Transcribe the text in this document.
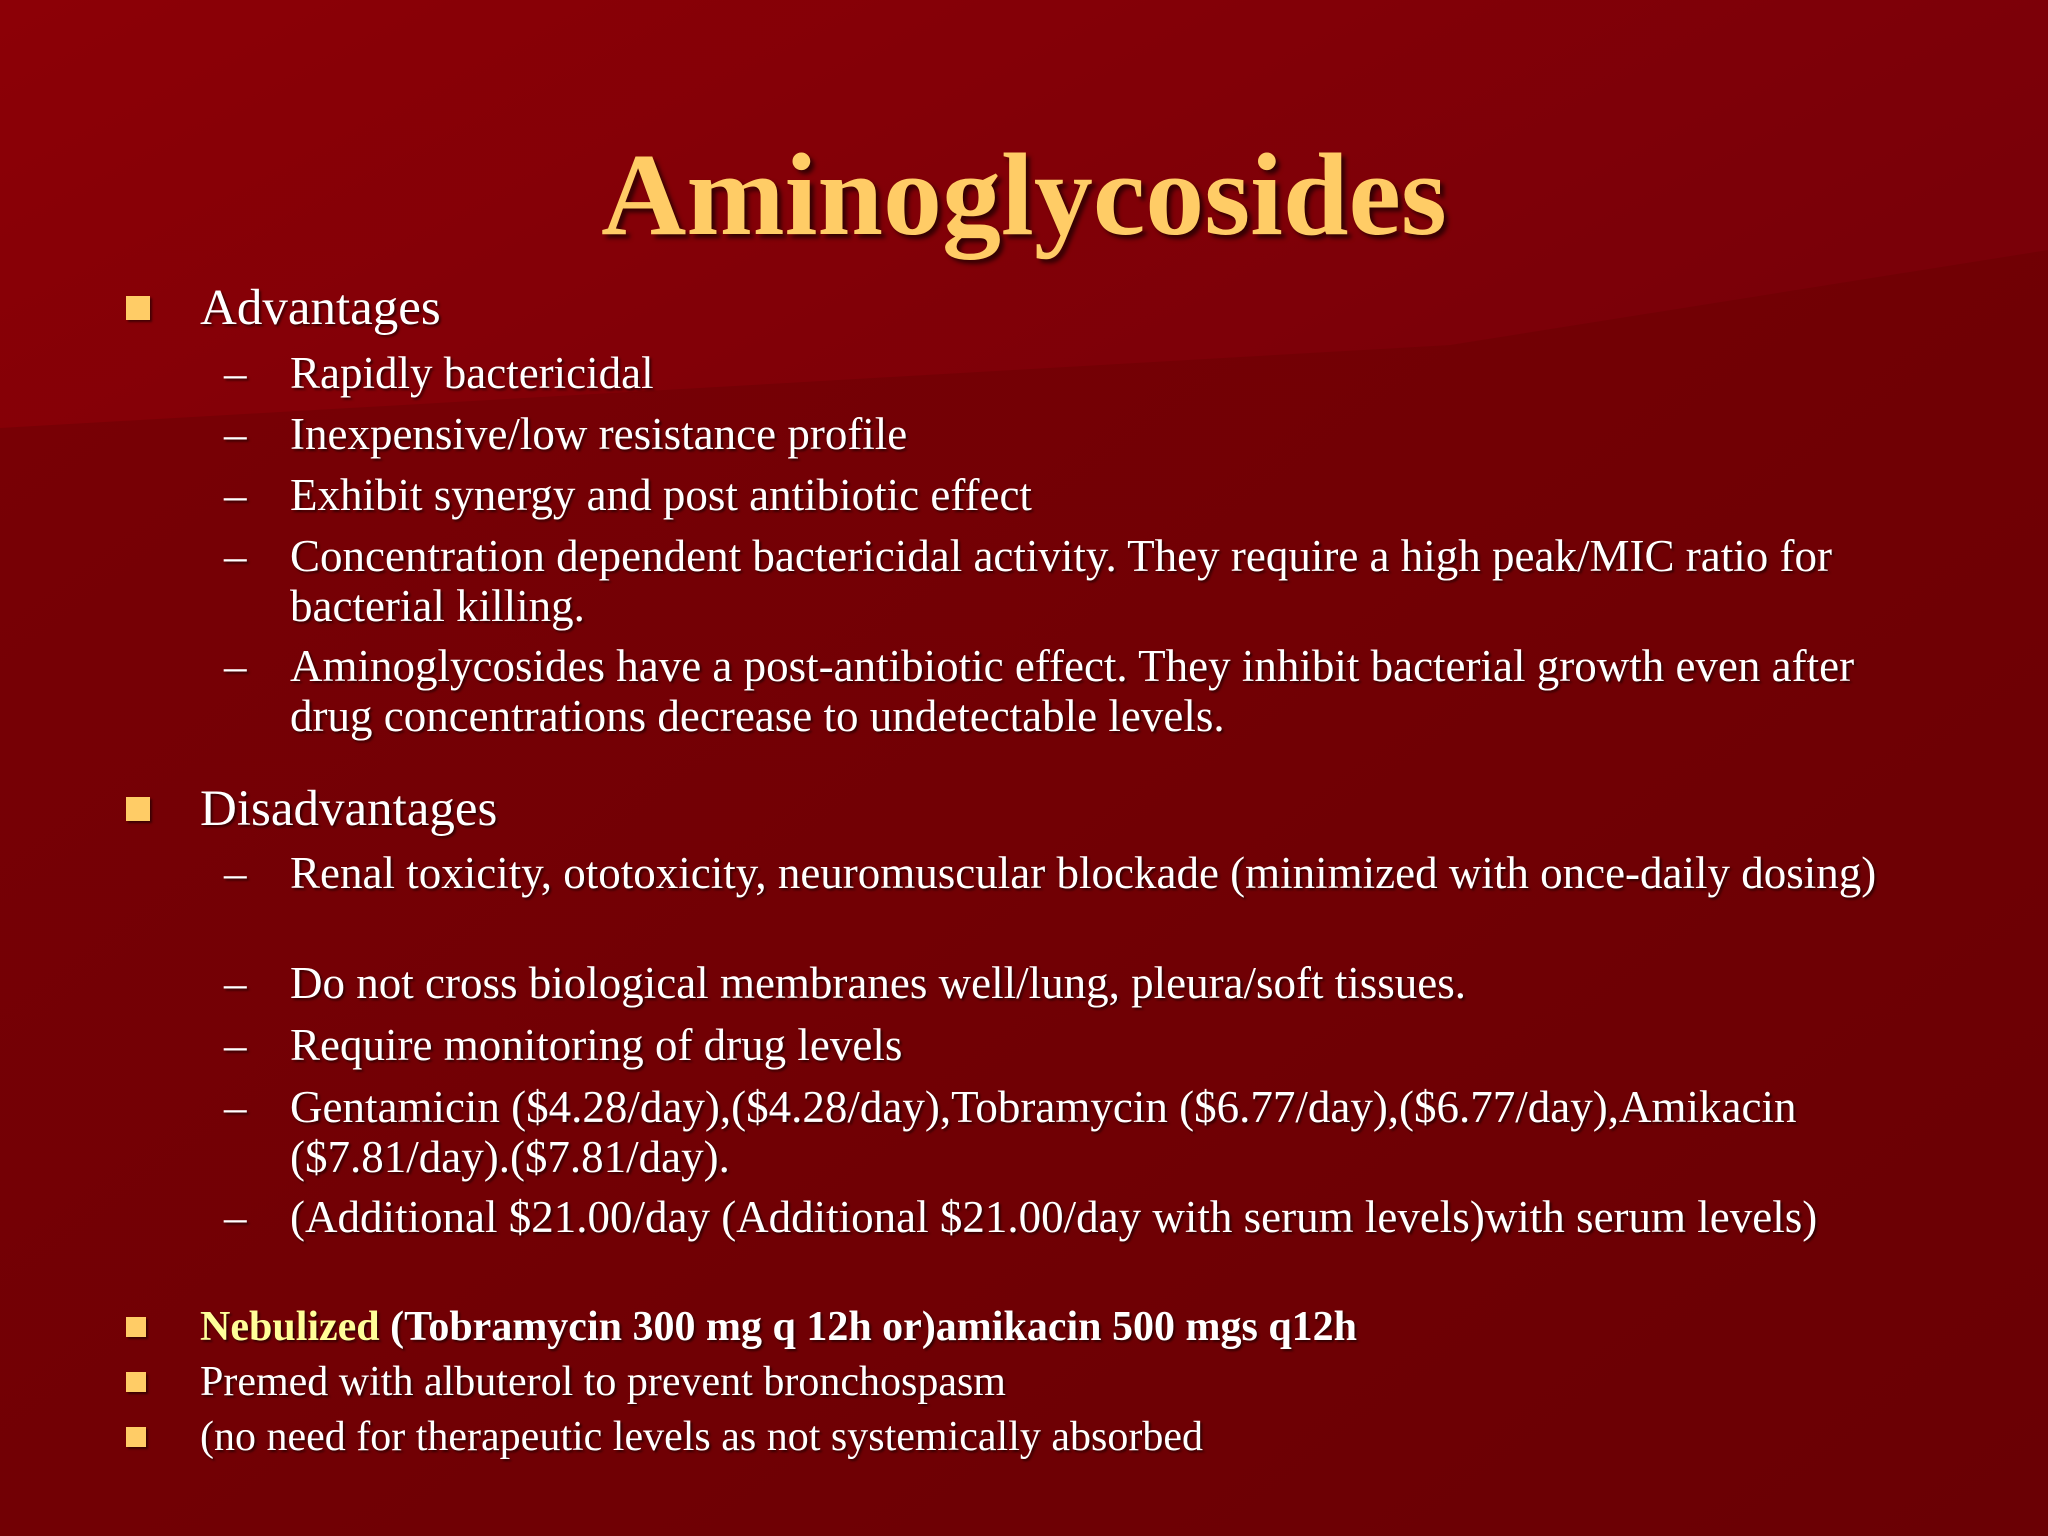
Aminoglycosides
Advantages
– Rapidly bactericidal
– Inexpensive/low resistance profile
– Exhibit synergy and post antibiotic effect
– Concentration dependent bactericidal activity. They require a high peak/MIC ratio for bacterial killing.
– Aminoglycosides have a post-antibiotic effect. They inhibit bacterial growth even after drug concentrations decrease to undetectable levels.
Disadvantages
– Renal toxicity, ototoxicity, neuromuscular blockade (minimized with once-daily dosing)
– Do not cross biological membranes well/lung, pleura/soft tissues.
– Require monitoring of drug levels
– Gentamicin ($4.28/day),($4.28/day),Tobramycin ($6.77/day),($6.77/day),Amikacin ($7.81/day).($7.81/day).
– (Additional $21.00/day (Additional $21.00/day with serum levels)with serum levels)
Nebulized (Tobramycin 300 mg q 12h or)amikacin 500 mgs q12h
Premed with albuterol to prevent bronchospasm
(no need for therapeutic levels as not systemically absorbed
